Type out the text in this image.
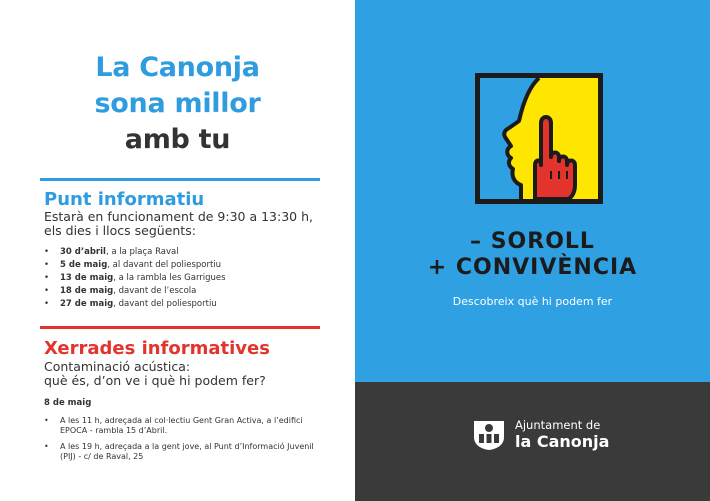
La Canonja
sona millor
amb tu
Punt informatiu
Estarà en funcionament de 9:30 a 13:30 h,
els dies i llocs següents:
• 30 d’abril, a la plaça Raval
• 5 de maig, al davant del poliesportiu
• 13 de maig, a la rambla les Garrigues
• 18 de maig, davant de l’escola
• 27 de maig, davant del poliesportiu
Xerrades informatives
Contaminació acústica:
què és, d’on ve i què hi podem fer?
8 de maig
• A les 11 h, adreçada al col·lectiu Gent Gran Activa, a l’edifici EPOCA - rambla 15 d’Abril.
• A les 19 h, adreçada a la gent jove, al Punt d’Informació Juvenil (PIJ) - c/ de Raval, 25
– SOROLL
+ CONVIVÈNCIA
Descobreix què hi podem fer
Ajuntament de
la Canonja
